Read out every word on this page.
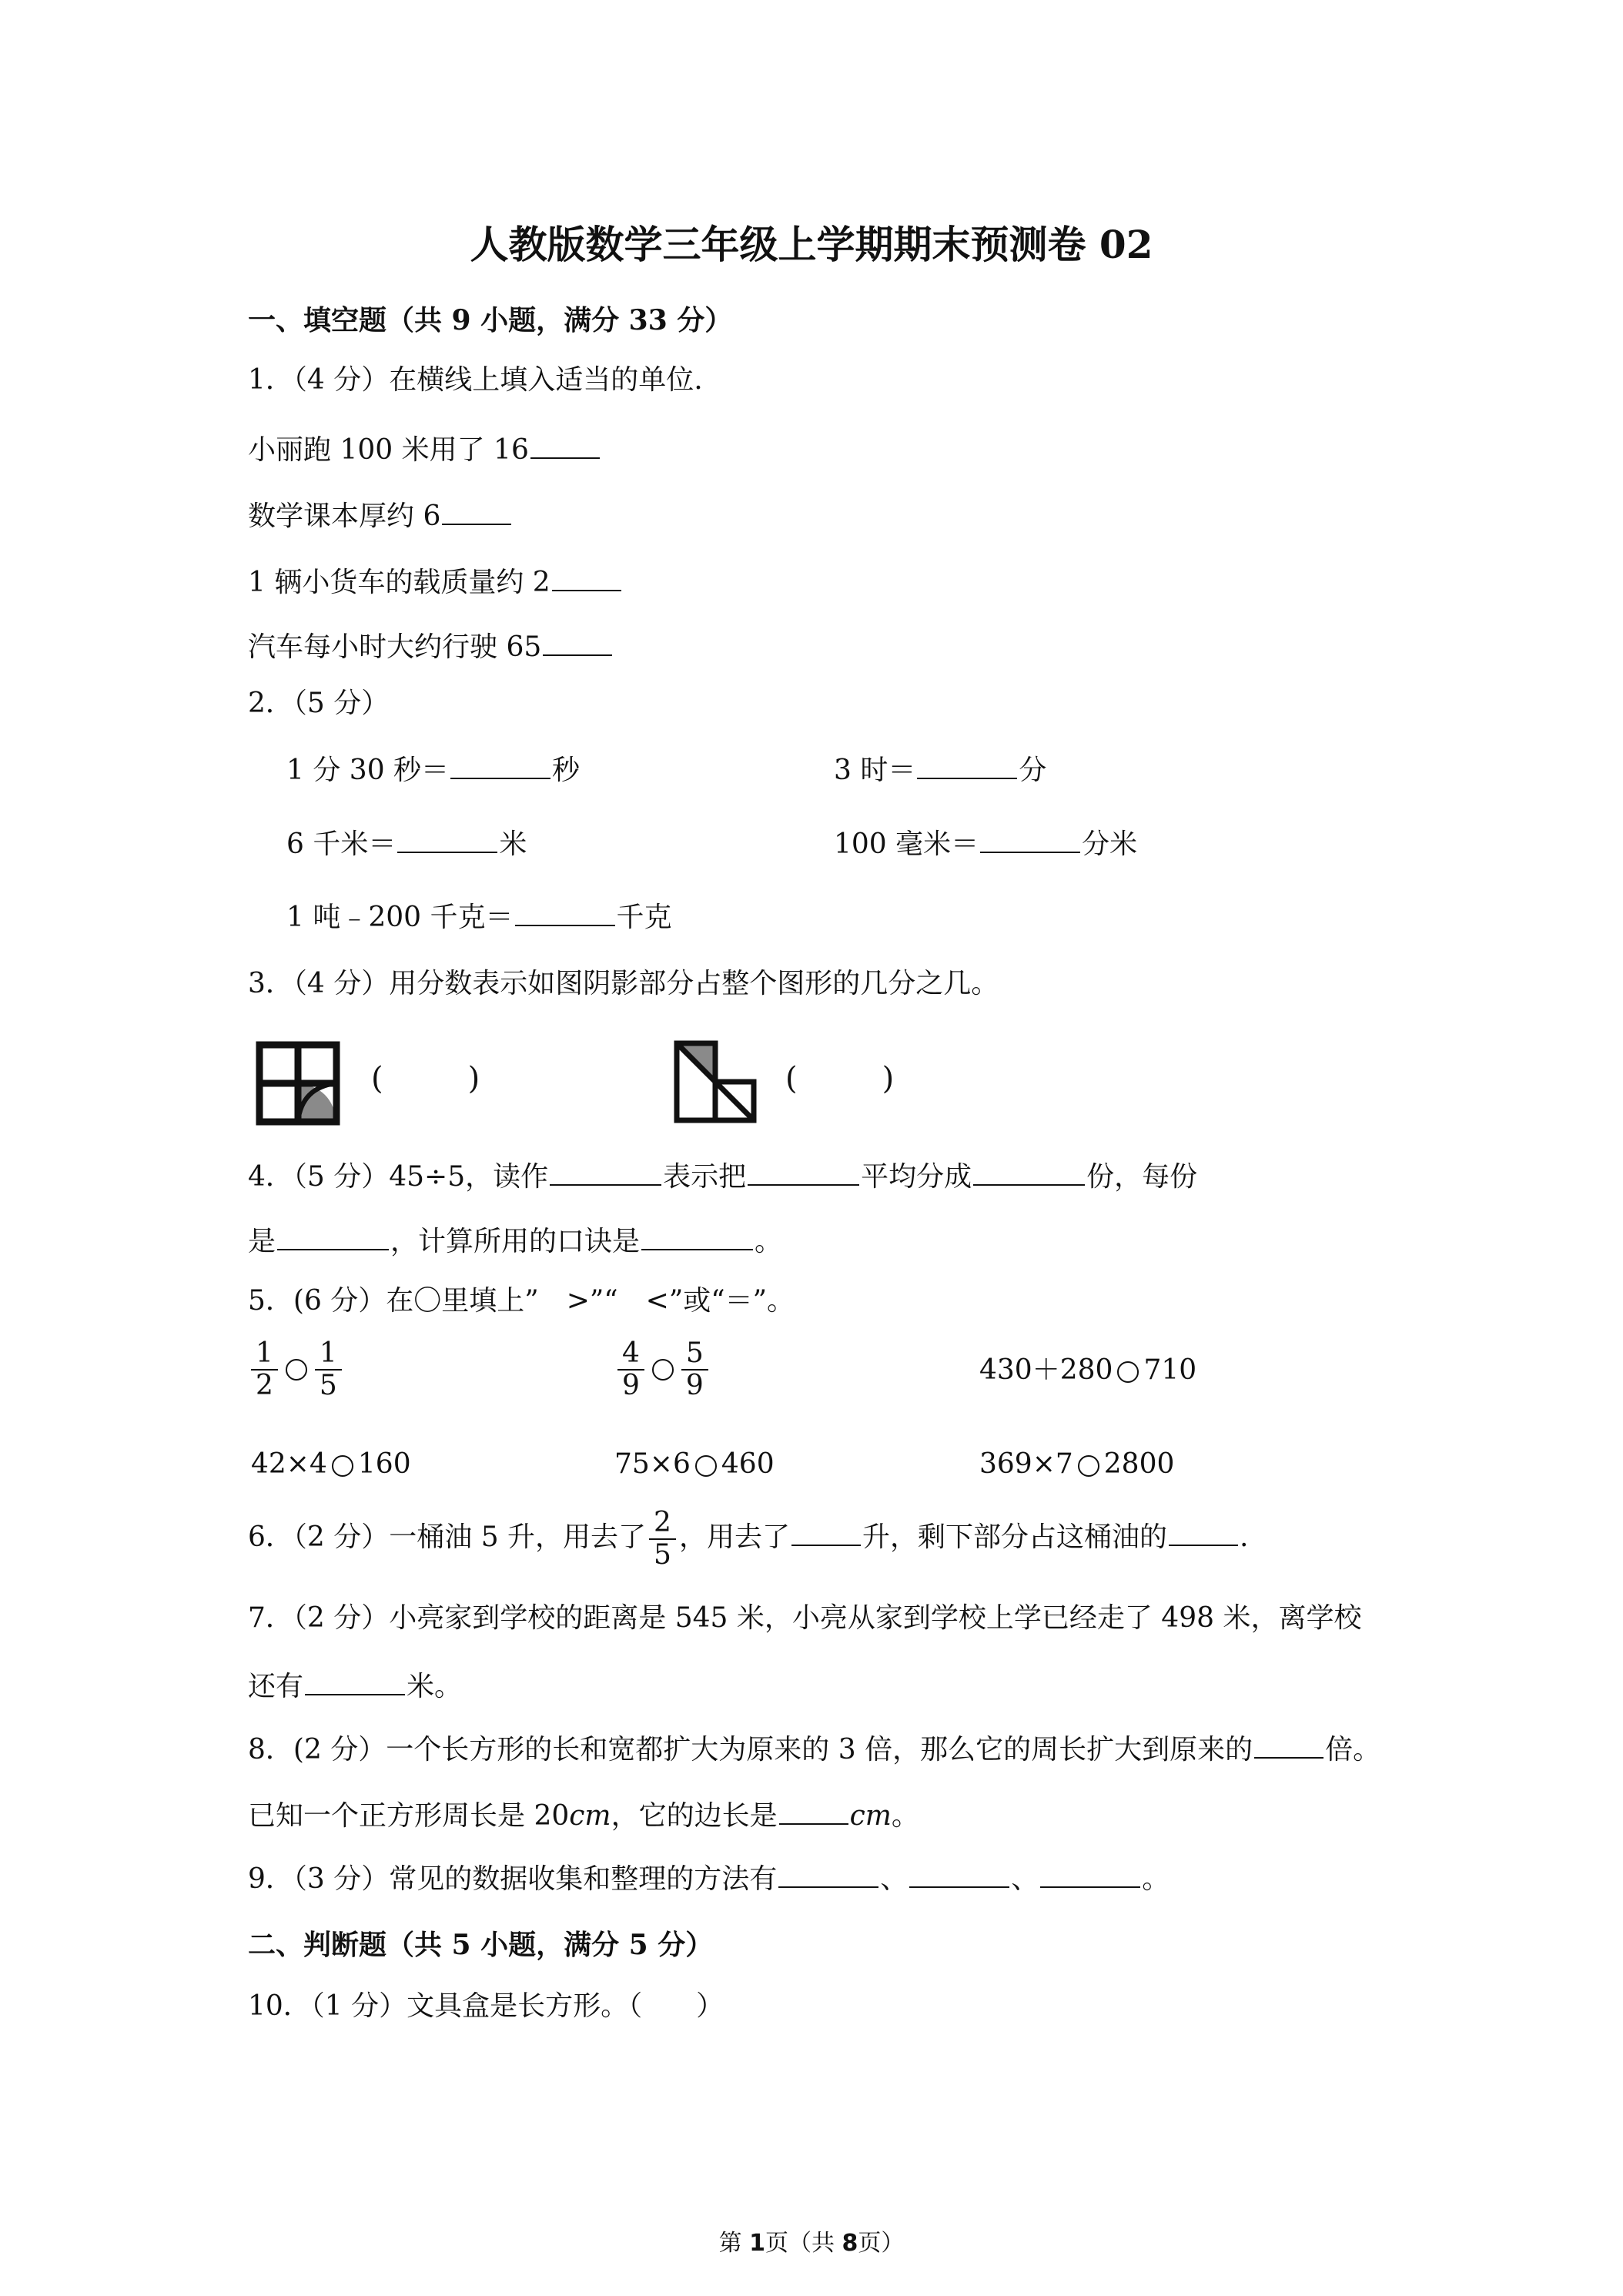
人教版数学三年级上学期期末预测卷 02
一、填空题（共 9 小题，满分 33 分）
1．（4 分）在横线上填入适当的单位.
小丽跑 100 米用了 16
数学课本厚约 6
1 辆小货车的载质量约 2
汽车每小时大约行驶 65
2．（5 分）
1 分 30 秒＝	秒	3 时＝	分
6 千米＝	米	100 毫米＝	分米
1 吨﹣200 千克＝	千克
3．（4 分）用分数表示如图阴影部分占整个图形的几分之几。
(	)	(	)
4．（5 分）45÷5，读作	表示把	平均分成	份，每份
是	，计算所用的口诀是	。
5．(6 分）在〇里填上”　>”“　<”或“＝”。
$\frac{1}{2} \frac{1}{5}$	$\frac{4}{9} \frac{5}{9}$	430＋280 710
42×4 160	75×6 460	369×7 2800
6．（2 分）一桶油 5 升，用去了 $\frac{2}{5}$ ，用去了	升，剩下部分占这桶油的	.
7．（2 分）小亮家到学校的距离是 545 米，小亮从家到学校上学已经走了 498 米，离学校
还有	米。
8．(2 分）一个长方形的长和宽都扩大为原来的 3 倍，那么它的周长扩大到原来的	倍。
已知一个正方形周长是 20cm，它的边长是	cm。
9．（3 分）常见的数据收集和整理的方法有	、	、	。
二、判断题（共 5 小题，满分 5 分）
10．（1 分）文具盒是长方形。（ ）
第 1页（共 8页）
